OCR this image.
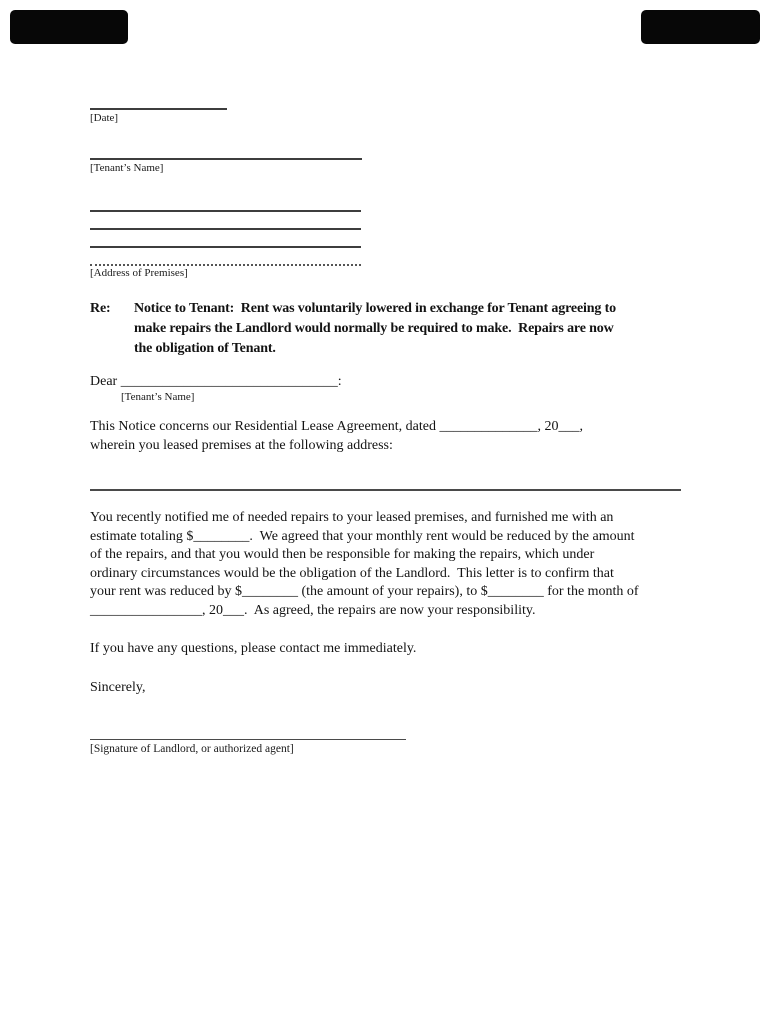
[Date]
[Tenant’s Name]
[Address of Premises]
Re: Notice to Tenant:  Rent was voluntarily lowered in exchange for Tenant agreeing to
make repairs the Landlord would normally be required to make.  Repairs are now
the obligation of Tenant.
Dear _______________________________:
[Tenant’s Name]
This Notice concerns our Residential Lease Agreement, dated ______________, 20___,
wherein you leased premises at the following address:
You recently notified me of needed repairs to your leased premises, and furnished me with an
estimate totaling $________.  We agreed that your monthly rent would be reduced by the amount
of the repairs, and that you would then be responsible for making the repairs, which under
ordinary circumstances would be the obligation of the Landlord.  This letter is to confirm that
your rent was reduced by $________ (the amount of your repairs), to $________ for the month of
________________, 20___.  As agreed, the repairs are now your responsibility.
If you have any questions, please contact me immediately.
Sincerely,
[Signature of Landlord, or authorized agent]
